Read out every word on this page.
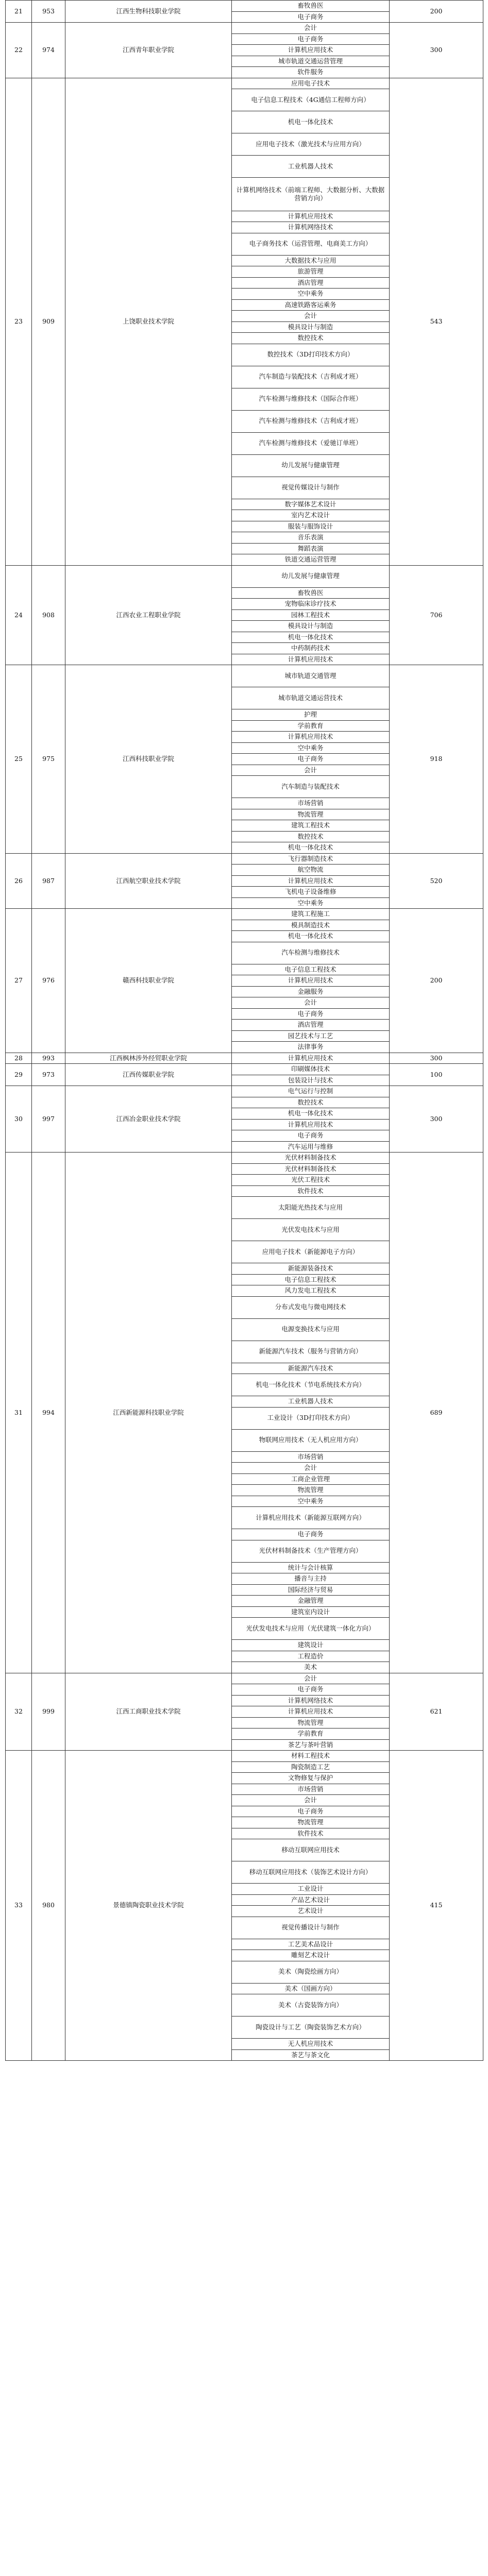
21	953	江西生物科技职业学院	畜牧兽医	200
			电子商务	
22	974	江西青年职业学院	会计	300
			电子商务	
			计算机应用技术	
			城市轨道交通运营管理	
			软件服务	
23	909	上饶职业技术学院	应用电子技术	543
			电子信息工程技术（4G通信工程师方向）	
			机电一体化技术	
			应用电子技术（激光技术与应用方向）	
			工业机器人技术	
			计算机网络技术（前端工程师、大数据分析、大数据营销方向）	
			计算机应用技术	
			计算机网络技术	
			电子商务技术（运营管理、电商美工方向）	
			大数据技术与应用	
			旅游管理	
			酒店管理	
			空中乘务	
			高速铁路客运乘务	
			会计	
			模具设计与制造	
			数控技术	
			数控技术（3D打印技术方向）	
			汽车制造与装配技术（吉利成才班）	
			汽车检测与维修技术（国际合作班）	
			汽车检测与维修技术（吉利成才班）	
			汽车检测与维修技术（爱驰订单班）	
			幼儿发展与健康管理	
			视觉传媒设计与制作	
			数字媒体艺术设计	
			室内艺术设计	
			服装与服饰设计	
			音乐表演	
			舞蹈表演	
			铁道交通运营管理	
24	908	江西农业工程职业学院	幼儿发展与健康管理	706
			畜牧兽医	
			宠物临床诊疗技术	
			园林工程技术	
			模具设计与制造	
			机电一体化技术	
			中药制药技术	
			计算机应用技术	
25	975	江西科技职业学院	城市轨道交通管理	918
			城市轨道交通运营技术	
			护理	
			学前教育	
			计算机应用技术	
			空中乘务	
			电子商务	
			会计	
			汽车制造与装配技术	
			市场营销	
			物流管理	
			建筑工程技术	
			数控技术	
			机电一体化技术	
26	987	江西航空职业技术学院	飞行器制造技术	520
			航空物流	
			计算机应用技术	
			飞机电子设备维修	
			空中乘务	
27	976	赣西科技职业学院	建筑工程施工	200
			模具制造技术	
			机电一体化技术	
			汽车检测与维修技术	
			电子信息工程技术	
			计算机应用技术	
			金融服务	
			会计	
			电子商务	
			酒店管理	
			园艺技术与工艺	
			法律事务	
28	993	江西枫林涉外经贸职业学院	计算机应用技术	300
29	973	江西传媒职业学院	印刷媒体技术	100
			包装设计与技术	
30	997	江西冶金职业技术学院	电气运行与控制	300
			数控技术	
			机电一体化技术	
			计算机应用技术	
			电子商务	
			汽车运用与维修	
31	994	江西新能源科技职业学院	光伏材料制备技术	689
			光伏材料制备技术	
			光伏工程技术	
			软件技术	
			太阳能光热技术与应用	
			光伏发电技术与应用	
			应用电子技术（新能源电子方向）	
			新能源装备技术	
			电子信息工程技术	
			风力发电工程技术	
			分布式发电与微电网技术	
			电源变换技术与应用	
			新能源汽车技术（服务与营销方向）	
			新能源汽车技术	
			机电一体化技术（节电系统技术方向）	
			工业机器人技术	
			工业设计（3D打印技术方向）	
			物联网应用技术（无人机应用方向）	
			市场营销	
			会计	
			工商企业管理	
			物流管理	
			空中乘务	
			计算机应用技术（新能源互联网方向）	
			电子商务	
			光伏材料制备技术（生产管理方向）	
			统计与会计核算	
			播音与主持	
			国际经济与贸易	
			金融管理	
			建筑室内设计	
			光伏发电技术与应用（光伏建筑一体化方向）	
			建筑设计	
			工程造价	
			美术	
32	999	江西工商职业技术学院	会计	621
			电子商务	
			计算机网络技术	
			计算机应用技术	
			物流管理	
			学前教育	
			茶艺与茶叶营销	
33	980	景德镇陶瓷职业技术学院	材料工程技术	415
			陶瓷制造工艺	
			文物修复与保护	
			市场营销	
			会计	
			电子商务	
			物流管理	
			软件技术	
			移动互联网应用技术	
			移动互联网应用技术（装饰艺术设计方向）	
			工业设计	
			产品艺术设计	
			艺术设计	
			视觉传播设计与制作	
			工艺美术品设计	
			雕刻艺术设计	
			美术（陶瓷绘画方向）	
			美术（国画方向）	
			美术（古瓷装饰方向）	
			陶瓷设计与工艺（陶瓷装饰艺术方向）	
			无人机应用技术	
			茶艺与茶文化	
